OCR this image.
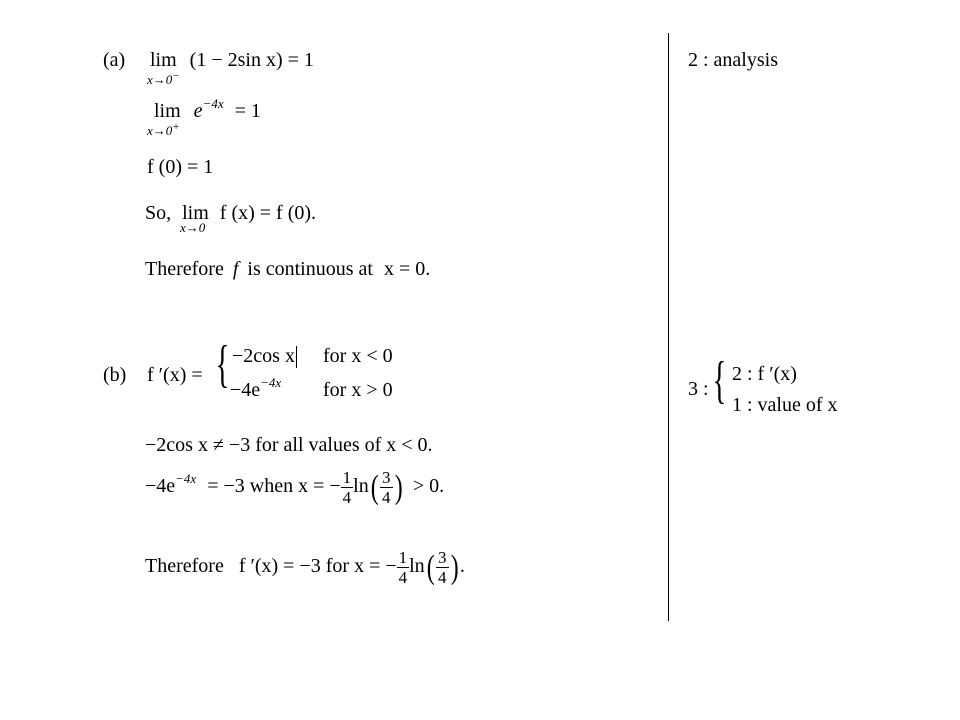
(a) lim (1 − 2sin x) = 1
x→0−
$\lim e^{-4x} = 1$
x→0+
f (0) = 1
So, lim f (x) = f (0).
x→0
Therefore f is continuous at x = 0.
(b) f ′(x) = { −2cos x for x < 0
$-4e^{-4x}$ for x > 0
−2cos x ≠ −3 for all values of x < 0.
$-4e^{-4x} = -3$ when x = − $\frac{1}{4} \ln( \frac{3}{4}$ ) > 0.
Therefore f ′(x) = −3 for x = − $\frac{1}{4} \ln( \frac{3}{4}$ ).
2 : analysis
3 : { 2 : f ′(x)
1 : value of x
